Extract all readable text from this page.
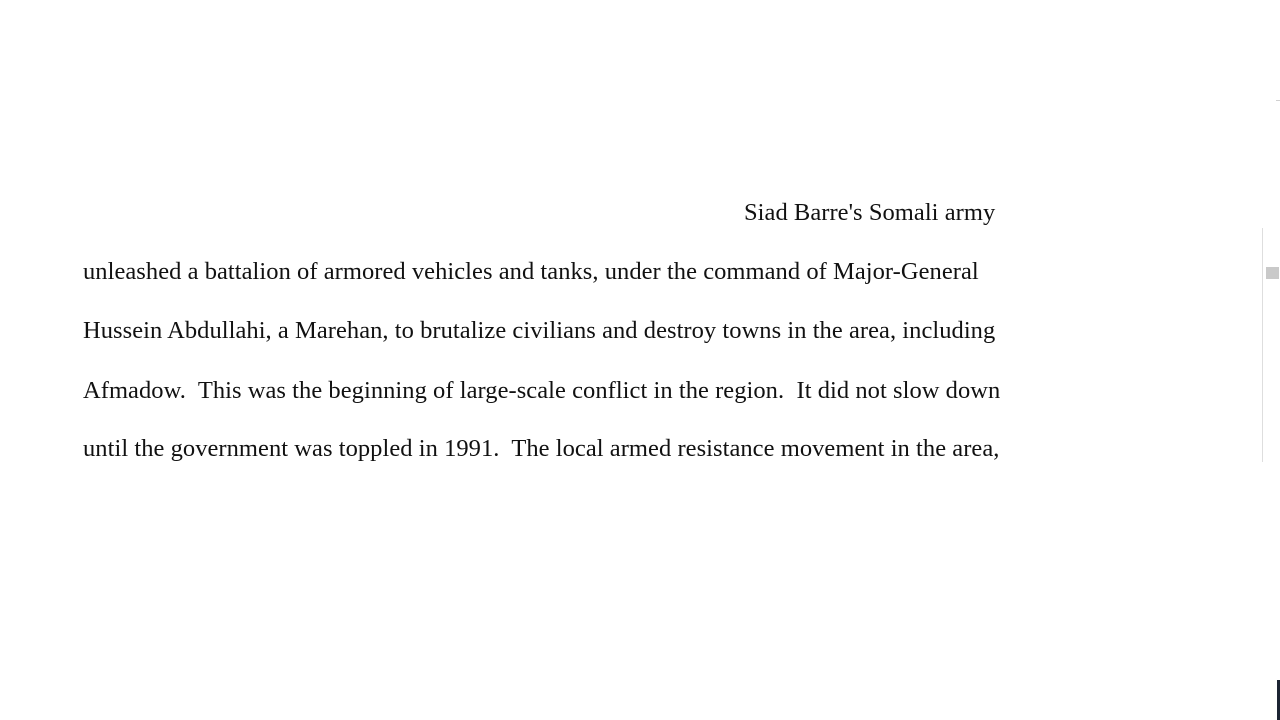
Siad Barre's Somali army
unleashed a battalion of armored vehicles and tanks, under the command of Major-General
Hussein Abdullahi, a Marehan, to brutalize civilians and destroy towns in the area, including
Afmadow.  This was the beginning of large-scale conflict in the region.  It did not slow down
until the government was toppled in 1991.  The local armed resistance movement in the area,
